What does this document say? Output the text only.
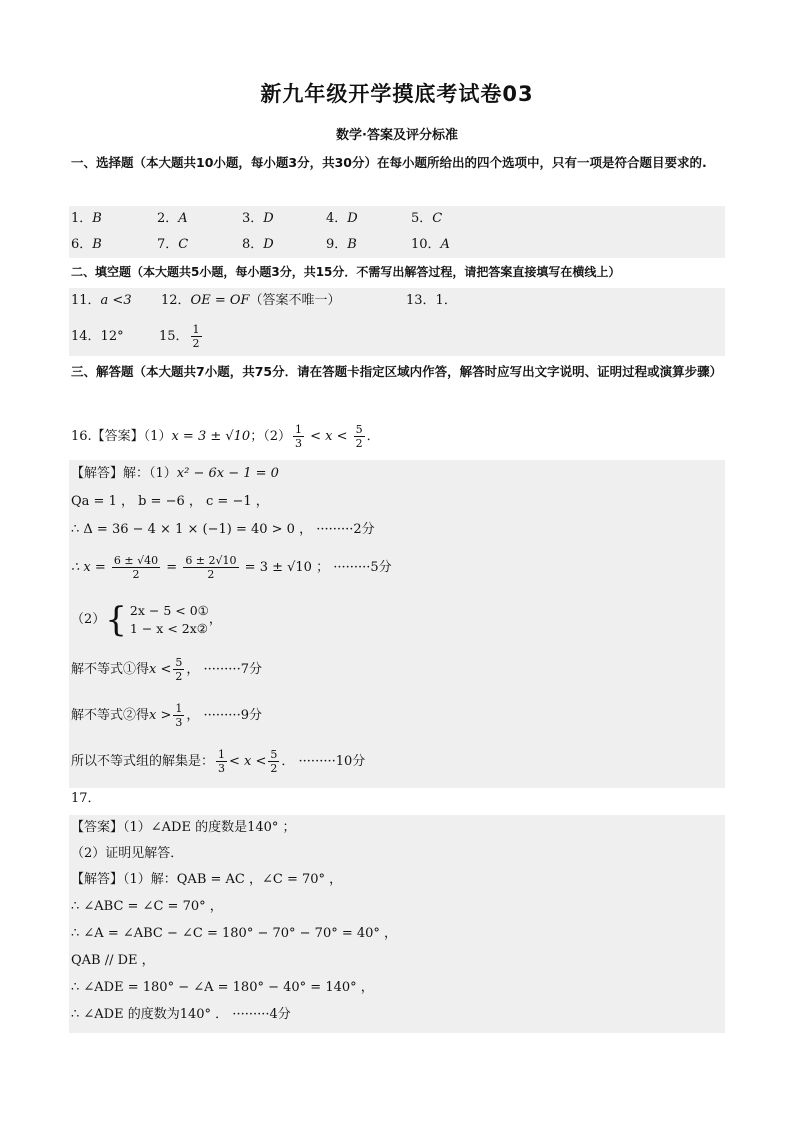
新九年级开学摸底考试卷03
数学·答案及评分标准
一、选择题（本大题共10小题，每小题3分，共30分）在每小题所给出的四个选项中，只有一项是符合题目要求的.
1．B	2．A	3．D	4．D	5．C
6．B	7．C	8．D	9．B	10．A
二、填空题（本大题共5小题，每小题3分，共15分．不需写出解答过程，请把答案直接填写在横线上）
11．a <3 12．OE = OF（答案不唯一）	13．1．
14．12°	15． $\frac{1}{2}$
三、解答题（本大题共7小题，共75分．请在答题卡指定区域内作答，解答时应写出文字说明、证明过程或演算步骤）
16.【答案】（1）x = 3 ± √10；$(2) \frac{1}{3} < x < \frac{5}{2}$ ．
【解答】解：（1）x² − 6x − 1 = 0
Qa = 1 ， b = −6 ， c = −1 ，
∴ Δ = 36 − 4 × 1 × (−1) = 40 > 0 ， ·········2分
∴ $x = \frac{6 \pm √40}{2} = \frac{6 \pm 2√10}{2} = 3 \pm √10$ ； ·········5分
（2）{ 2x − 5 < 0①
1 − x < 2x②
，
解不等式①得$x < \frac{5}{2}$ ， ·········7分
解不等式②得$x > \frac{1}{3}$ ， ·········9分
所以不等式组的解集是： $\frac{1}{3} < x < \frac{5}{2}$ ． ·········10分
17．
【答案】（1）∠ADE 的度数是140° ；
（2）证明见解答．
【解答】（1）解：QAB = AC ，∠C = 70° ，
∴ ∠ABC = ∠C = 70° ，
∴ ∠A = ∠ABC − ∠C = 180° − 70° − 70° = 40° ，
QAB // DE ，
∴ ∠ADE = 180° − ∠A = 180° − 40° = 140° ，
∴ ∠ADE 的度数为140° ． ·········4分
